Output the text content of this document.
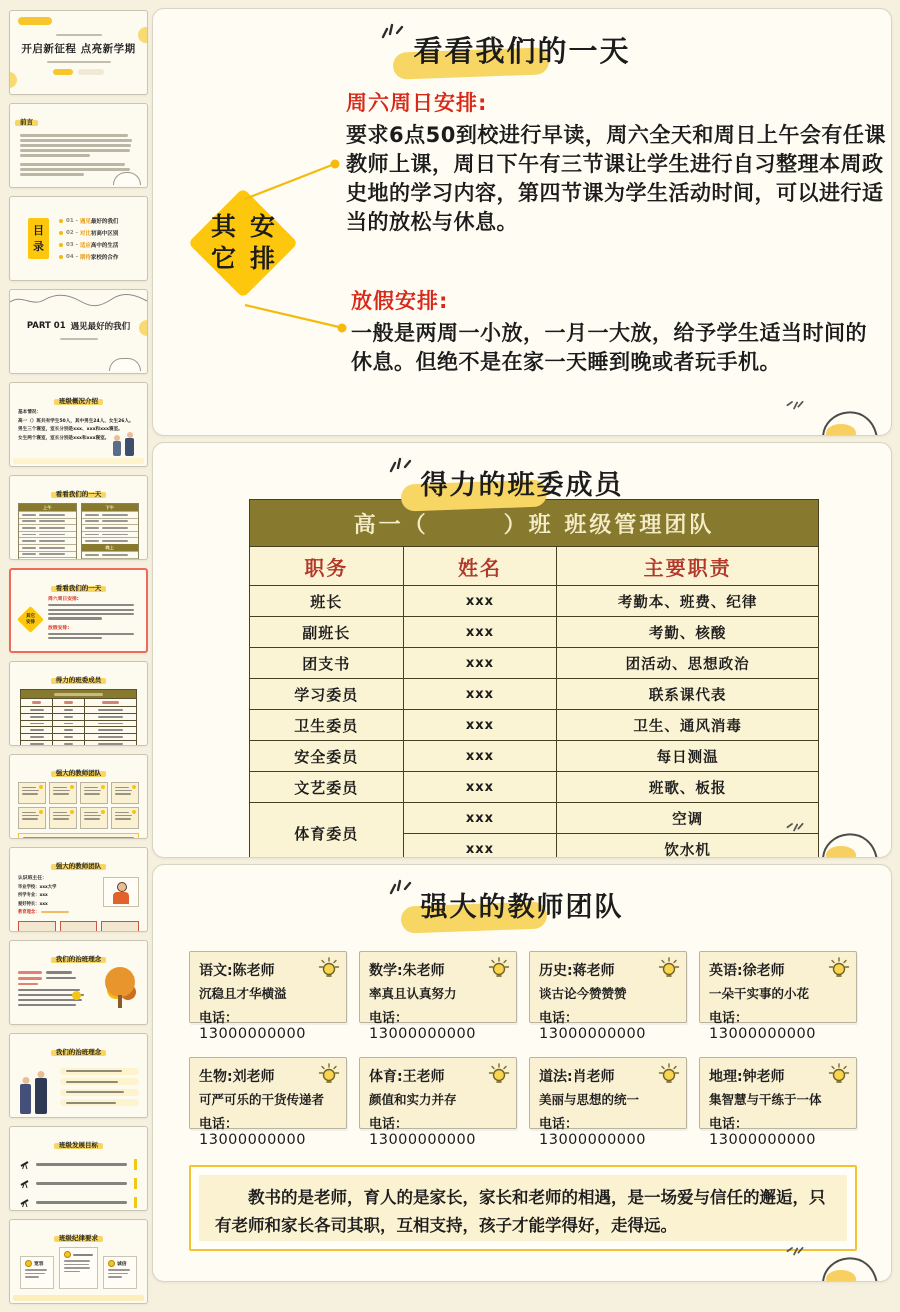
开启新征程 点亮新学期
前言
目
录
01 - 遇见 最好的我们
02 - 对比 初高中区别
03 - 适应 高中的生活
04 - 期待 家校的合作
PART 01 遇见最好的我们
班级概况介绍
基本情况：
高一（）班共有学生50人，其中男生24人、女生26人。
男生三个寝室，室长分别是xxx、xxx和xxx寝室。
女生两个寝室，室长分别是xxx和xxx寝室。
看看我们的一天
上午	下午
晚上
看看我们的一天
其它
安排
周六周日安排:
放假安排:
得力的班委成员
强大的教师团队
强大的教师团队
认识班主任：
毕业学校：xxx大学
所学专业：xxx
爱好特长：xxx
教育理念：
我们的治班理念
我们的治班理念
班级发展目标
班级纪律要求
宽容	诚信
看看我们的一天
其它

安排
周六周日安排:
要求6点50到校进行早读，周六全天和周日上午会有任课教师上课，周日下午有三节课让学生进行自习整理本周政史地的学习内容，第四节课为学生活动时间，可以进行适当的放松与休息。
放假安排:
一般是两周一小放，一月一大放，给予学生适当时间的休息。但绝不是在家一天睡到晚或者玩手机。
得力的班委成员
高一（　　　）班 班级管理团队		
职务	姓名	主要职责
班长	xxx	考勤本、班费、纪律
副班长	xxx	考勤、核酸
团支书	xxx	团活动、思想政治
学习委员	xxx	联系课代表
卫生委员	xxx	卫生、通风消毒
安全委员	xxx	每日测温
文艺委员	xxx	班歌、板报
体育委员	xxx	空调
	xxx	饮水机
强大的教师团队
语文:陈老师
沉稳且才华横溢
电话：13000000000
数学:朱老师
率真且认真努力
电话：13000000000
历史:蒋老师
谈古论今赞赞赞
电话：13000000000
英语:徐老师
一朵干实事的小花
电话：13000000000
生物:刘老师
可严可乐的干货传递者
电话：13000000000
体育:王老师
颜值和实力并存
电话：13000000000
道法:肖老师
美丽与思想的统一
电话：13000000000
地理:钟老师
集智慧与干练于一体
电话：13000000000
教书的是老师，育人的是家长，家长和老师的相遇，是一场爱与信任的邂逅，只有老师和家长各司其职，互相支持，孩子才能学得好，走得远。
